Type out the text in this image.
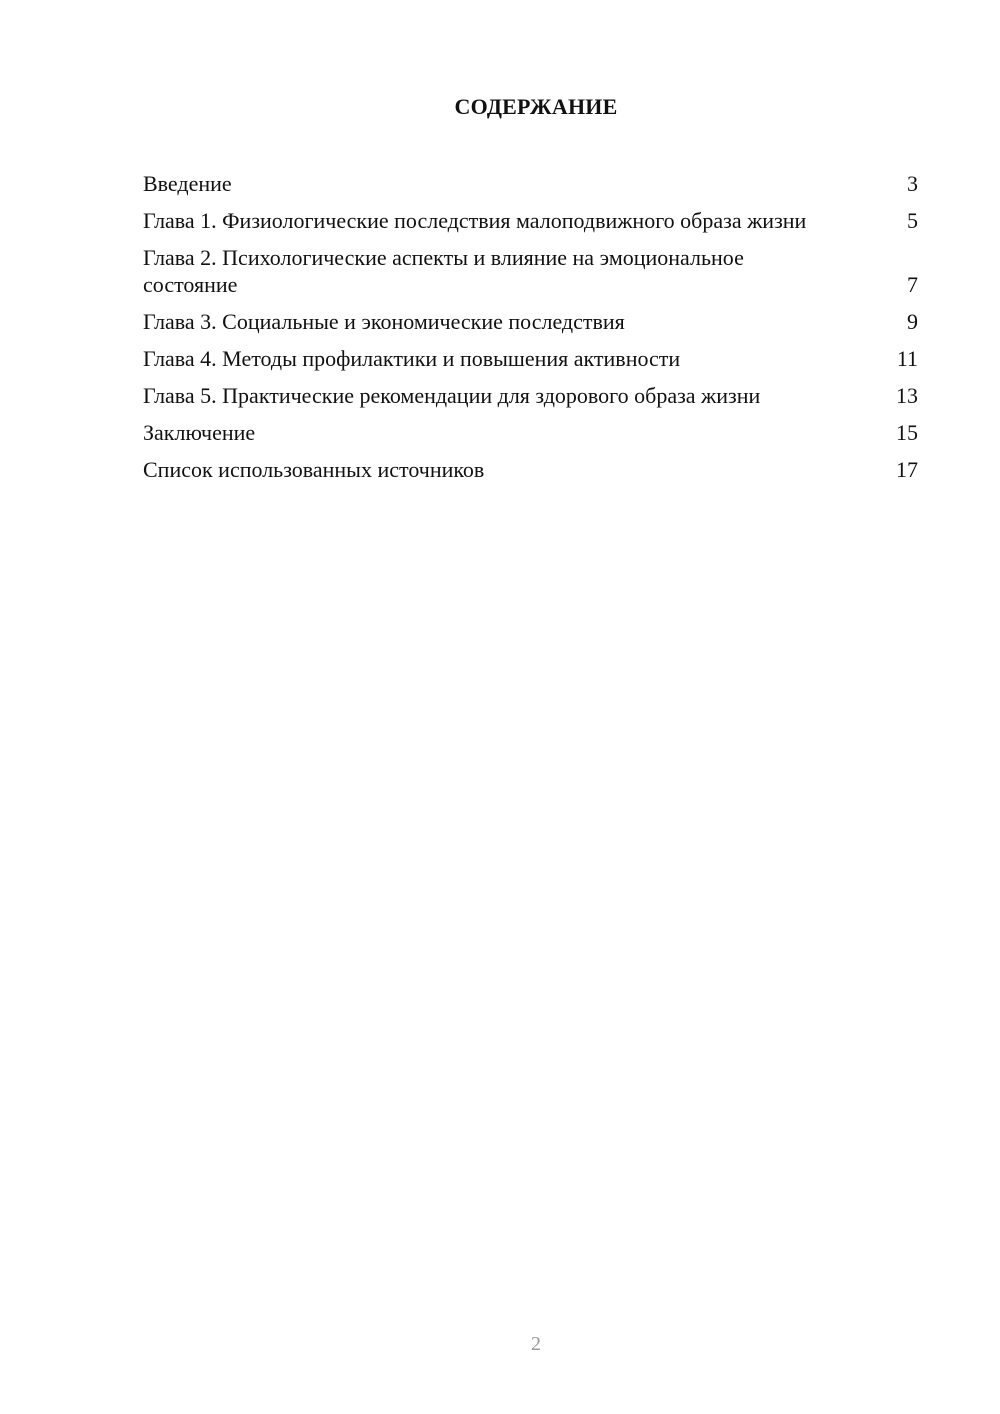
СОДЕРЖАНИЕ
Введение	3
Глава 1. Физиологические последствия малоподвижного образа жизни	5
Глава 2. Психологические аспекты и влияние на эмоциональное состояние	7
Глава 3. Социальные и экономические последствия	9
Глава 4. Методы профилактики и повышения активности	11
Глава 5. Практические рекомендации для здорового образа жизни	13
Заключение	15
Список использованных источников	17
2
